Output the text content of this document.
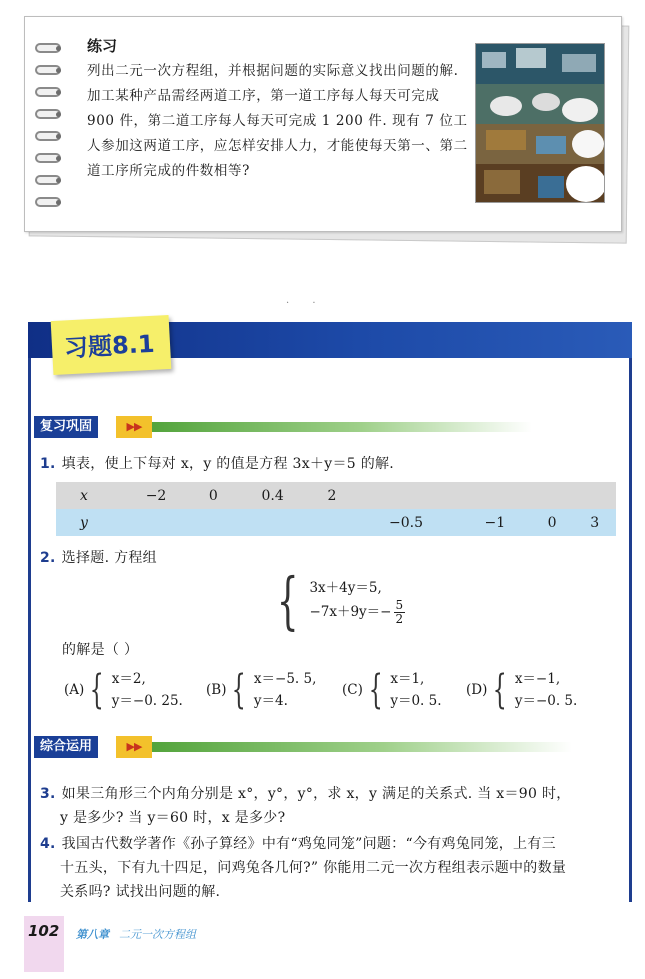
练习

列出二元一次方程组，并根据问题的实际意义找出问题的解.

加工某种产品需经两道工序，第一道工序每人每天可完成 900 件，第二道工序每人每天可完成 1 200 件. 现有 7 位工人参加这两道工序，应怎样安排人力，才能使每天第一、第二道工序所完成的件数相等?

· ·
习题8.1
复习巩固	▶▶
1. 填表，使上下每对 x，y 的值是方程 3x＋y＝5 的解.
x	−2	0	0.4	2				
y					−0.5	−1	0	3
2. 选择题. 方程组
{ 3x＋4y＝5,
$-7x+9y=- \frac{5}{2}$
的解是（ ）
(A) { x＝2,
y＝−0. 25.
(B) { x＝−5. 5,
y＝4.
(C) { x＝1,
y＝0. 5.
(D) { x＝−1,
y＝−0. 5.
综合运用	▶▶
3. 如果三角形三个内角分别是 x°，y°，y°，求 x，y 满足的关系式. 当 x＝90 时，
y 是多少? 当 y＝60 时，x 是多少?
4. 我国古代数学著作《孙子算经》中有“鸡兔同笼”问题：“今有鸡兔同笼，上有三
十五头，下有九十四足，问鸡兔各几何?” 你能用二元一次方程组表示题中的数量
关系吗? 试找出问题的解.
102 第八章 二元一次方程组
